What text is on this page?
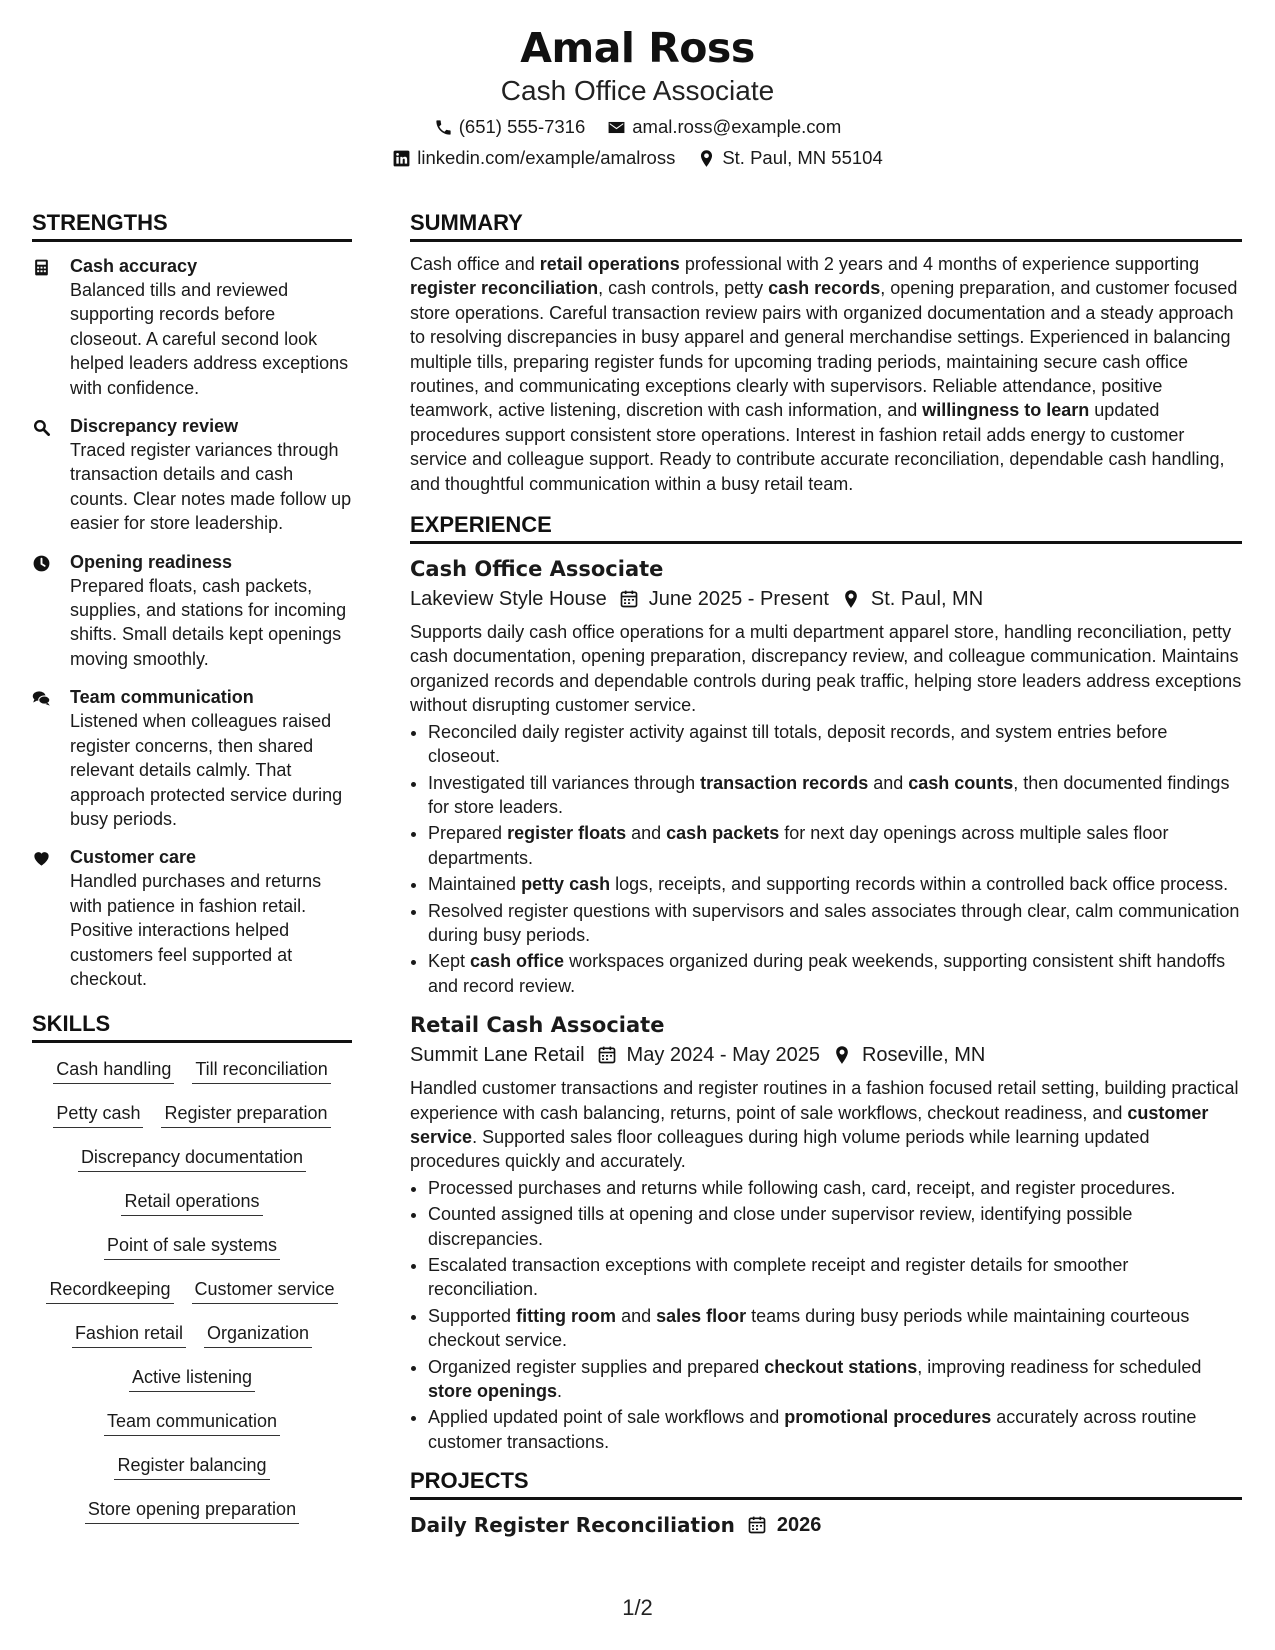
Amal Ross
Cash Office Associate
(651) 555-7316	amal.ross@example.com
linkedin.com/example/amalross	St. Paul, MN 55104
STRENGTHS
Cash accuracy
Balanced tills and reviewed supporting records before closeout. A careful second look helped leaders address exceptions with confidence.
Discrepancy review
Traced register variances through transaction details and cash counts. Clear notes made follow up easier for store leadership.
Opening readiness
Prepared floats, cash packets, supplies, and stations for incoming shifts. Small details kept openings moving smoothly.
Team communication
Listened when colleagues raised register concerns, then shared relevant details calmly. That approach protected service during busy periods.
Customer care
Handled purchases and returns with patience in fashion retail. Positive interactions helped customers feel supported at checkout.
SKILLS
Cash handling Till reconciliation
Petty cash Register preparation
Discrepancy documentation
Retail operations
Point of sale systems
Recordkeeping Customer service
Fashion retail Organization
Active listening
Team communication
Register balancing
Store opening preparation
SUMMARY
Cash office and retail operations professional with 2 years and 4 months of experience supporting register reconciliation, cash controls, petty cash records, opening preparation, and customer focused store operations. Careful transaction review pairs with organized documentation and a steady approach to resolving discrepancies in busy apparel and general merchandise settings. Experienced in balancing multiple tills, preparing register funds for upcoming trading periods, maintaining secure cash office routines, and communicating exceptions clearly with supervisors. Reliable attendance, positive teamwork, active listening, discretion with cash information, and willingness to learn updated procedures support consistent store operations. Interest in fashion retail adds energy to customer service and colleague support. Ready to contribute accurate reconciliation, dependable cash handling, and thoughtful communication within a busy retail team.
EXPERIENCE
Cash Office Associate
Lakeview Style House June 2025 - Present St. Paul, MN
Supports daily cash office operations for a multi department apparel store, handling reconciliation, petty cash documentation, opening preparation, discrepancy review, and colleague communication. Maintains organized records and dependable controls during peak traffic, helping store leaders address exceptions without disrupting customer service.
• Reconciled daily register activity against till totals, deposit records, and system entries before closeout.
• Investigated till variances through transaction records and cash counts, then documented findings for store leaders.
• Prepared register floats and cash packets for next day openings across multiple sales floor departments.
• Maintained petty cash logs, receipts, and supporting records within a controlled back office process.
• Resolved register questions with supervisors and sales associates through clear, calm communication during busy periods.
• Kept cash office workspaces organized during peak weekends, supporting consistent shift handoffs and record review.
Retail Cash Associate
Summit Lane Retail May 2024 - May 2025 Roseville, MN
Handled customer transactions and register routines in a fashion focused retail setting, building practical experience with cash balancing, returns, point of sale workflows, checkout readiness, and customer service. Supported sales floor colleagues during high volume periods while learning updated procedures quickly and accurately.
• Processed purchases and returns while following cash, card, receipt, and register procedures.
• Counted assigned tills at opening and close under supervisor review, identifying possible discrepancies.
• Escalated transaction exceptions with complete receipt and register details for smoother reconciliation.
• Supported fitting room and sales floor teams during busy periods while maintaining courteous checkout service.
• Organized register supplies and prepared checkout stations, improving readiness for scheduled store openings.
• Applied updated point of sale workflows and promotional procedures accurately across routine customer transactions.
PROJECTS
Daily Register Reconciliation 2026
1/2
